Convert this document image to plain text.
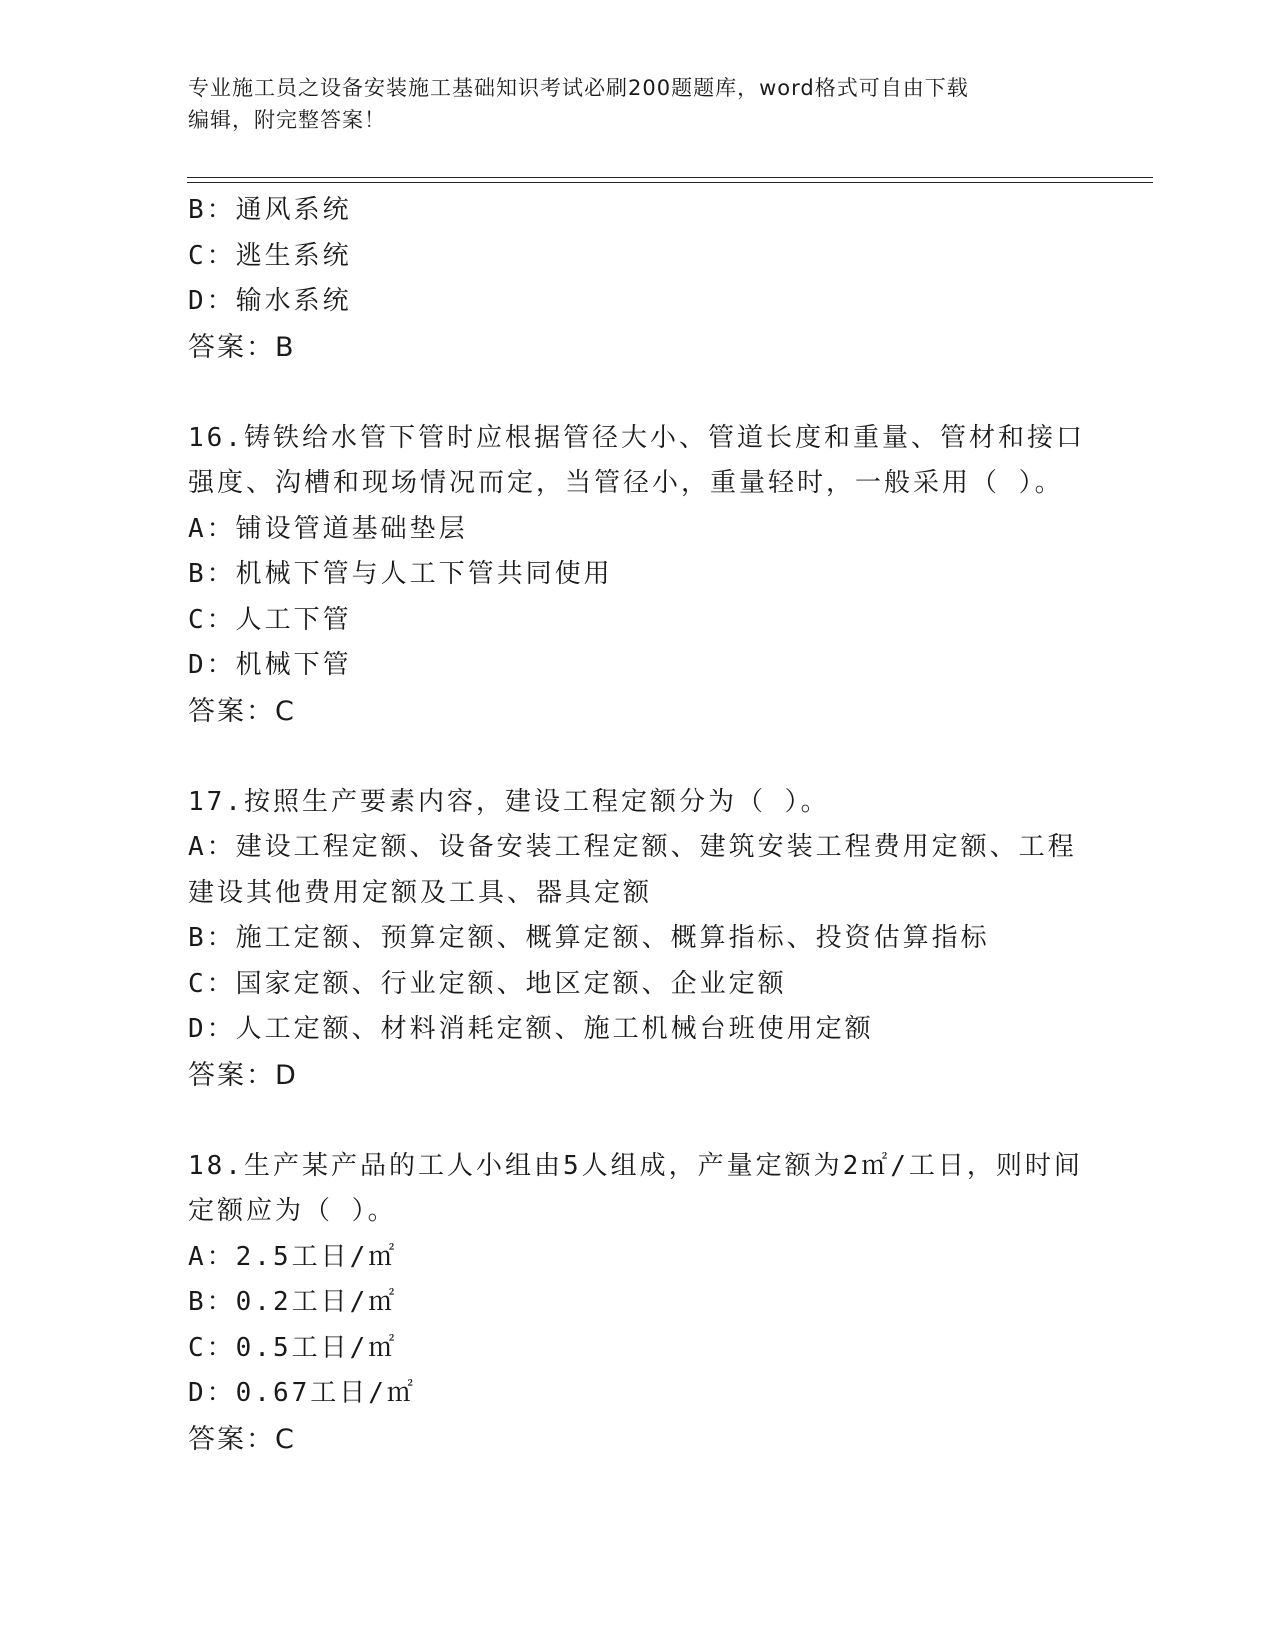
专业施工员之设备安装施工基础知识考试必刷200题题库，word格式可自由下载
编辑，附完整答案！
B：通风系统
C：逃生系统
D：输水系统
答案：B
16.铸铁给水管下管时应根据管径大小、管道长度和重量、管材和接口
强度、沟槽和现场情况而定，当管径小，重量轻时，一般采用（ ）。
A：铺设管道基础垫层
B：机械下管与人工下管共同使用
C：人工下管
D：机械下管
答案：C
17.按照生产要素内容，建设工程定额分为（ ）。
A：建设工程定额、设备安装工程定额、建筑安装工程费用定额、工程
建设其他费用定额及工具、器具定额
B：施工定额、预算定额、概算定额、概算指标、投资估算指标
C：国家定额、行业定额、地区定额、企业定额
D：人工定额、材料消耗定额、施工机械台班使用定额
答案：D
18.生产某产品的工人小组由5人组成，产量定额为2㎡/工日，则时间
定额应为（ ）。
A：2.5工日/㎡
B：0.2工日/㎡
C：0.5工日/㎡
D：0.67工日/㎡
答案：C
